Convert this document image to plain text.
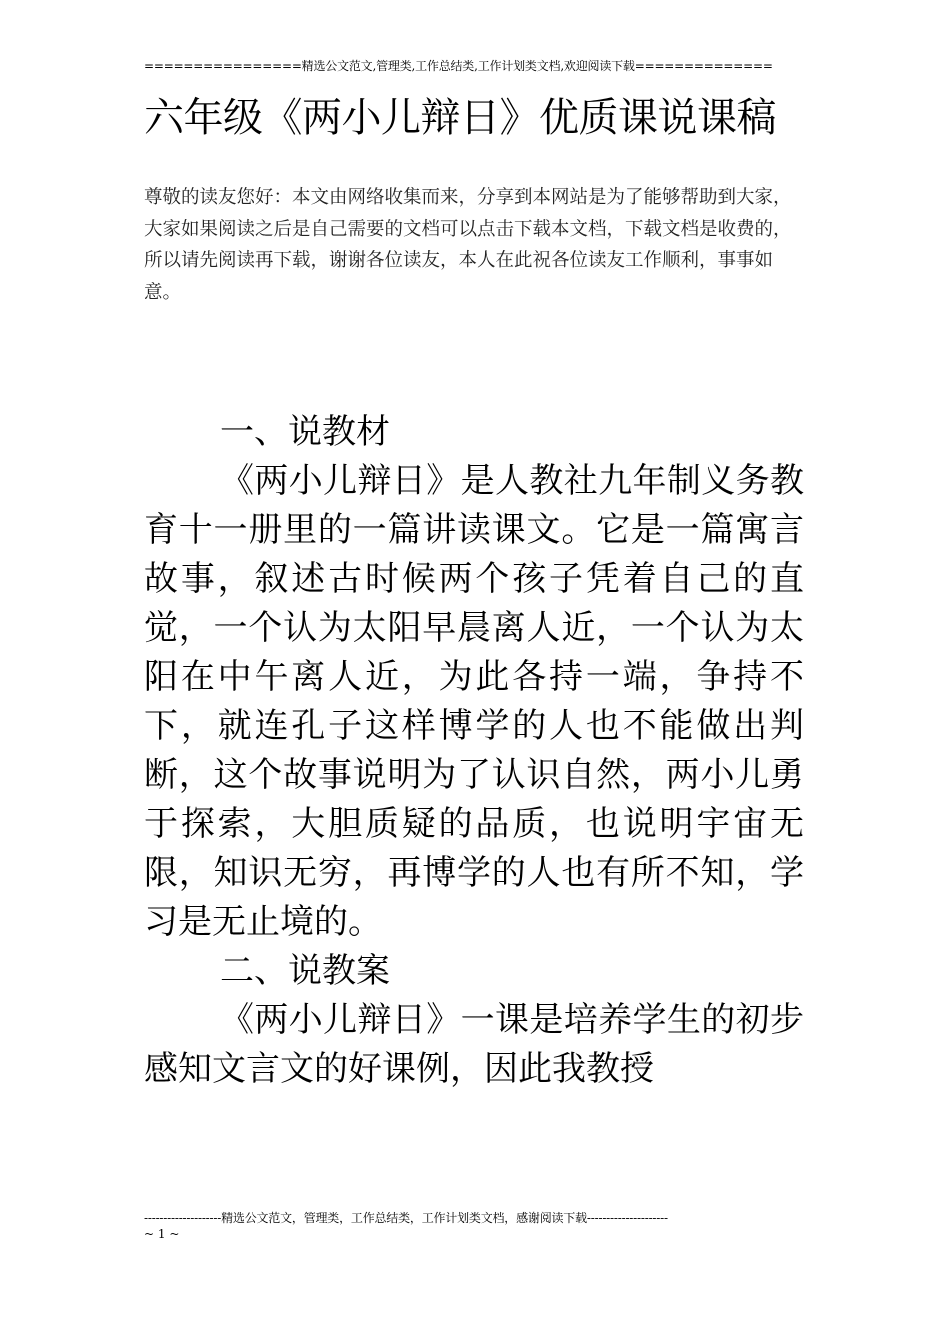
================精选公文范文,管理类,工作总结类,工作计划类文档,欢迎阅读下载==============
六年级《两小儿辩日》优质课说课稿

尊敬的读友您好：本文由网络收集而来，分享到本网站是为了能够帮助到大家，大家如果阅读之后是自己需要的文档可以点击下载本文档，下载文档是收费的，所以请先阅读再下载，谢谢各位读友，本人在此祝各位读友工作顺利，事事如意。

一、说教材
《两小儿辩日》是人教社九年制义务教育十一册里的一篇讲读课文。它是一篇寓言故事，叙述古时候两个孩子凭着自己的直觉，一个认为太阳早晨离人近，一个认为太阳在中午离人近，为此各持一端，争持不下，就连孔子这样博学的人也不能做出判断，这个故事说明为了认识自然，两小儿勇于探索，大胆质疑的品质，也说明宇宙无限，知识无穷，再博学的人也有所不知，学习是无止境的。
二、说教案
《两小儿辩日》一课是培养学生的初步感知文言文的好课例，因此我教授
--------------------精选公文范文，管理类，工作总结类，工作计划类文档，感谢阅读下载---------------------
~ 1 ~
